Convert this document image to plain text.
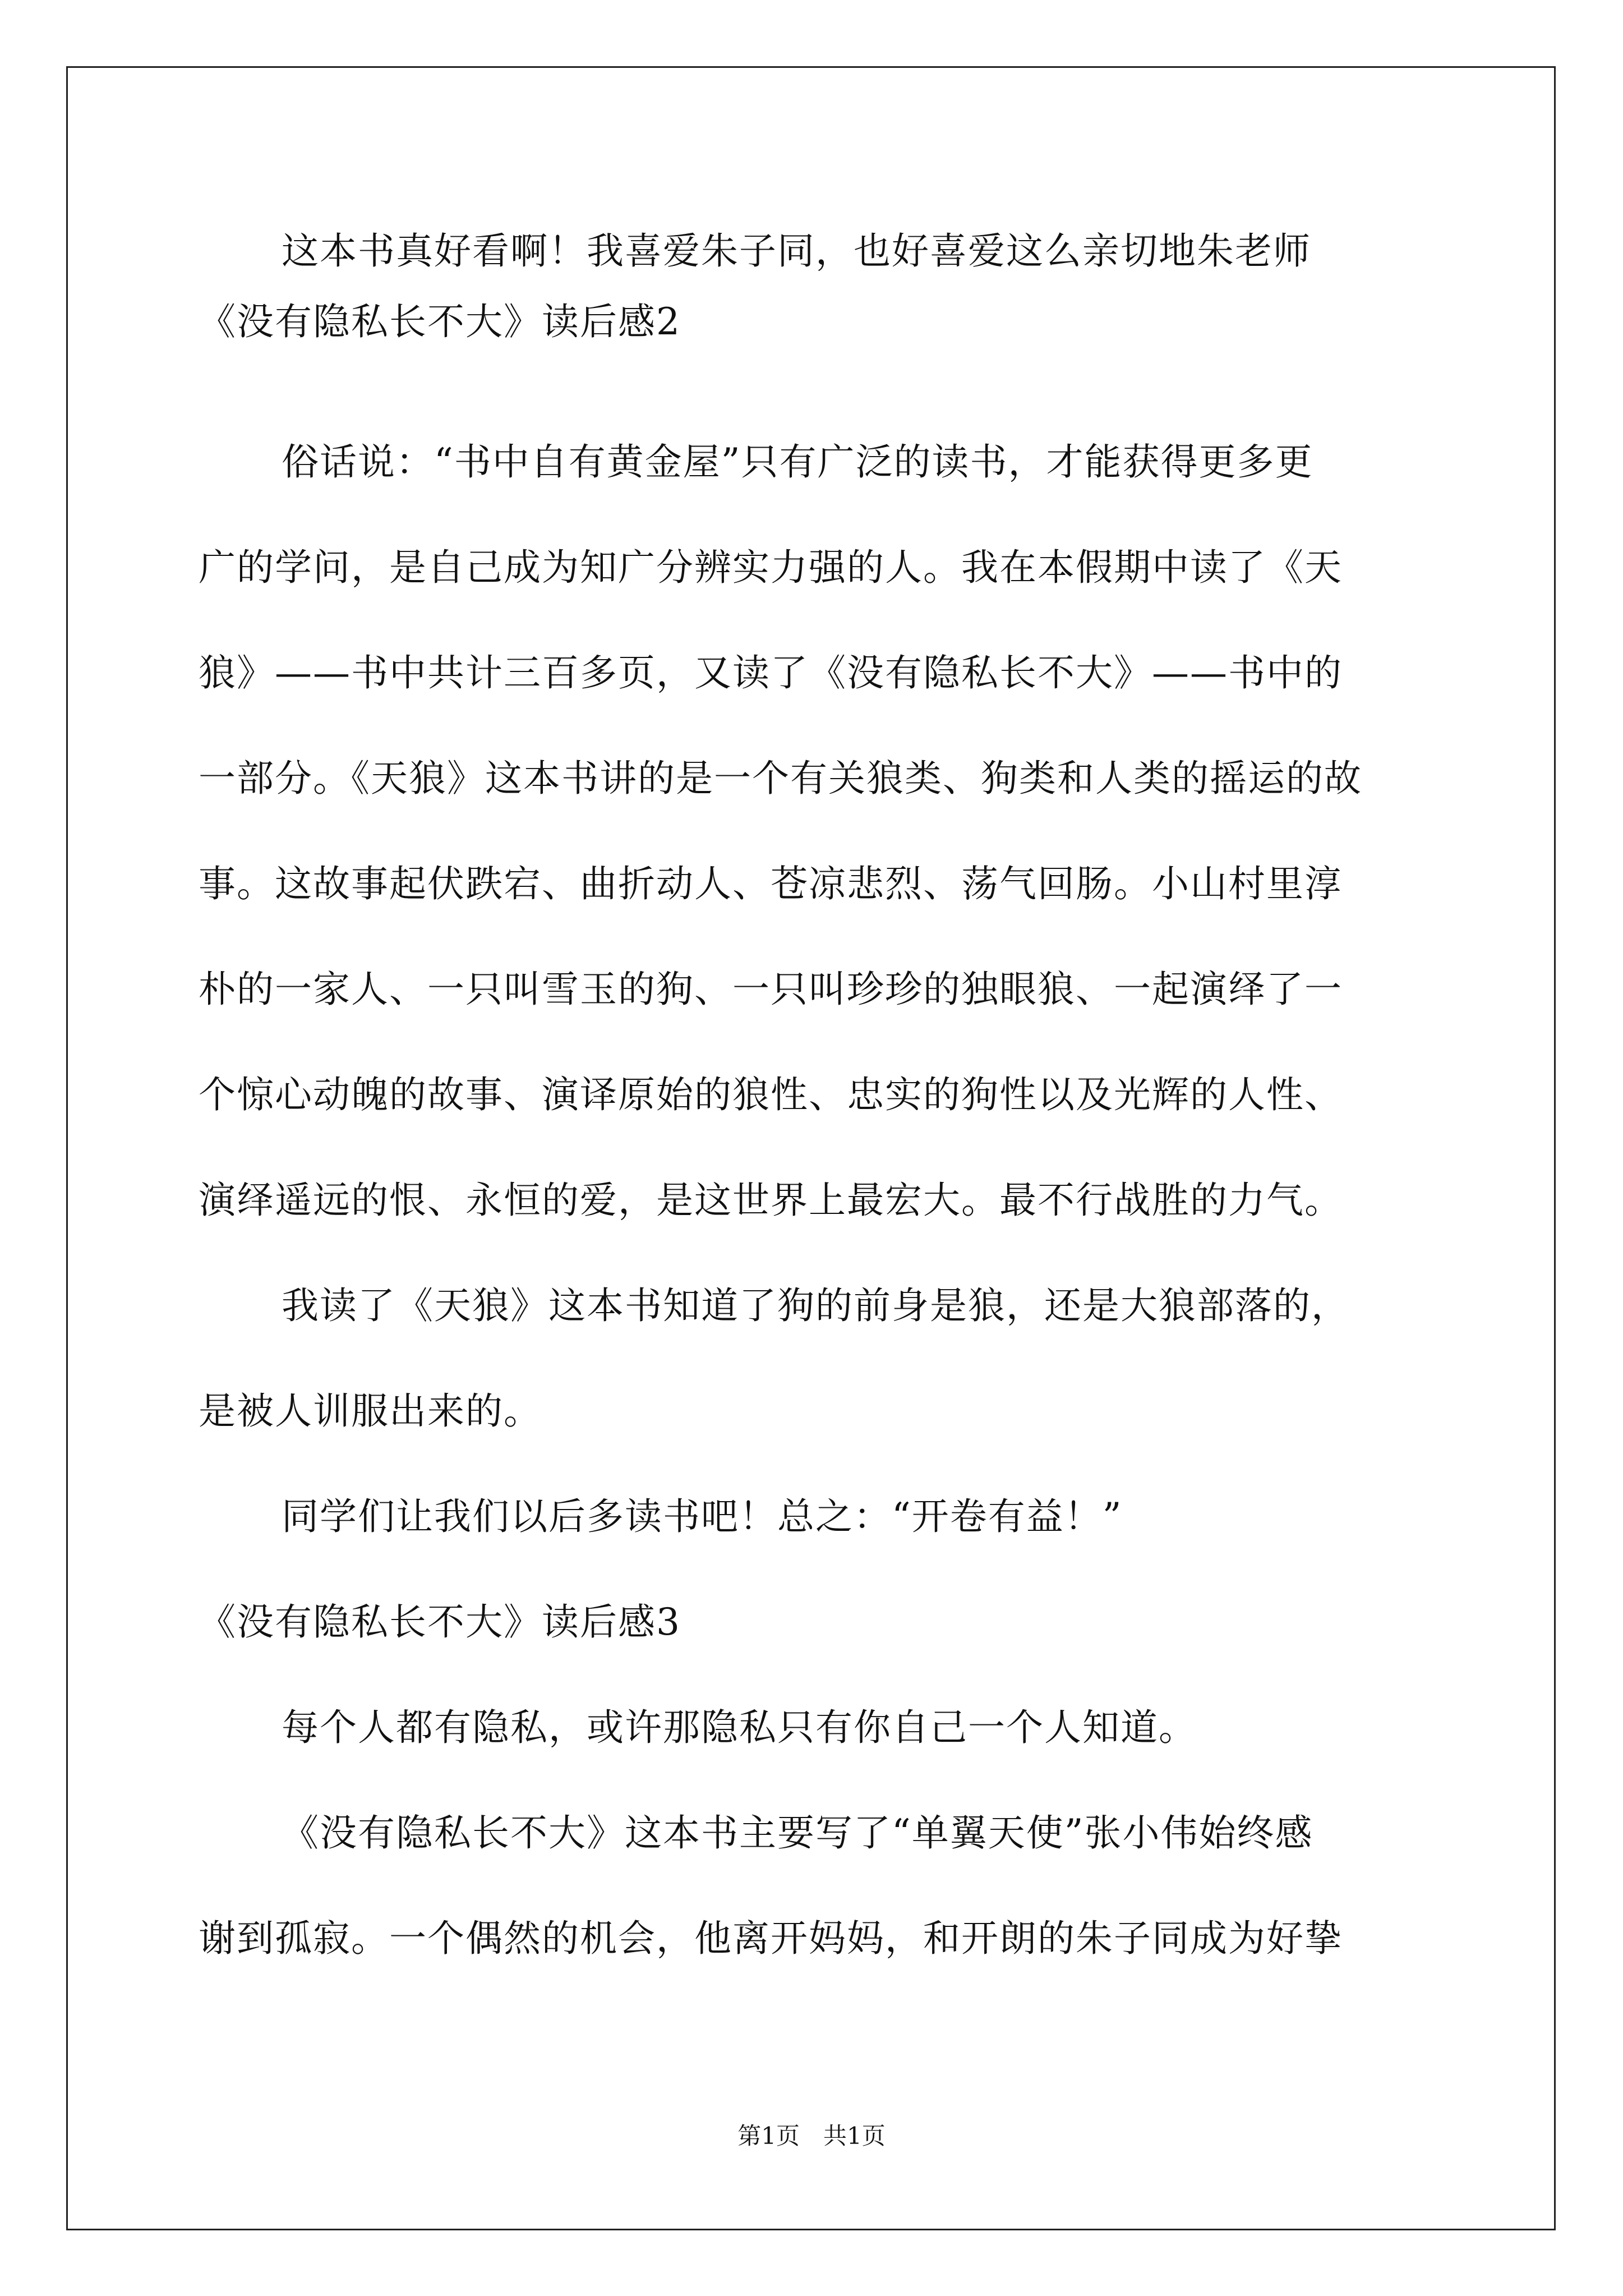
这本书真好看啊！我喜爱朱子同，也好喜爱这么亲切地朱老师
《没有隐私长不大》读后感2
俗话说：“书中自有黄金屋”只有广泛的读书，才能获得更多更
广的学问，是自己成为知广分辨实力强的人。我在本假期中读了《天
狼》——书中共计三百多页，又读了《没有隐私长不大》——书中的
一部分。《天狼》这本书讲的是一个有关狼类、狗类和人类的摇运的故
事。这故事起伏跌宕、曲折动人、苍凉悲烈、荡气回肠。小山村里淳
朴的一家人、一只叫雪玉的狗、一只叫珍珍的独眼狼、一起演绎了一
个惊心动魄的故事、演译原始的狼性、忠实的狗性以及光辉的人性、
演绎遥远的恨、永恒的爱，是这世界上最宏大。最不行战胜的力气。
我读了《天狼》这本书知道了狗的前身是狼，还是大狼部落的，
是被人训服出来的。
同学们让我们以后多读书吧！总之：“开卷有益！”
《没有隐私长不大》读后感3
每个人都有隐私，或许那隐私只有你自己一个人知道。
《没有隐私长不大》这本书主要写了“单翼天使”张小伟始终感
谢到孤寂。一个偶然的机会，他离开妈妈，和开朗的朱子同成为好挚
第1页　共1页
